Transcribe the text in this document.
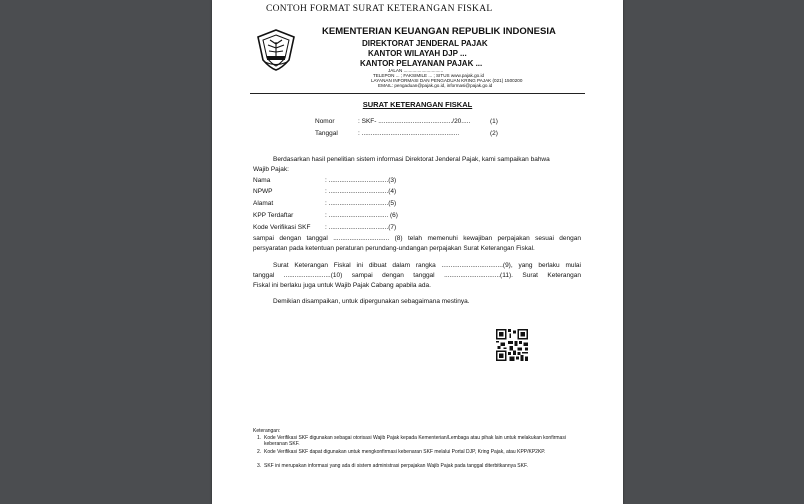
CONTOH FORMAT SURAT KETERANGAN FISKAL
KEMENTERIAN KEUANGAN REPUBLIK INDONESIA
DIREKTORAT JENDERAL PAJAK
KANTOR WILAYAH DJP ...
KANTOR PELAYANAN PAJAK ...
JALAN ...............................
TELEPON ... ; FAKSIMILE ... ; SITUS www.pajak.go.id
LAYANAN INFORMASI DAN PENGADUAN KRING PAJAK (021) 1500200
EMAIL: pengaduan@pajak.go.id, informasi@pajak.go.id
SURAT KETERANGAN FISKAL
Nomor	: SKF- ........................................./20.....	(1)
Tanggal	: ......................................................	(2)
Berdasarkan hasil penelitian sistem informasi Direktorat Jenderal Pajak, kami sampaikan bahwa
Wajib Pajak:
Nama	: .................................(3)
NPWP	: .................................(4)
Alamat	: .................................(5)
KPP Terdaftar	: ................................. (6)
Kode Verifikasi SKF : .................................(7)
sampai dengan tanggal ............................... (8) telah memenuhi kewajiban perpajakan sesuai dengan
persyaratan pada ketentuan peraturan perundang-undangan perpajakan Surat Keterangan Fiskal.
Surat Keterangan Fiskal ini dibuat dalam rangka ..................................(9), yang berlaku mulai
tanggal ..........................(10) sampai dengan tanggal ...............................(11). Surat Keterangan
Fiskal ini berlaku juga untuk Wajib Pajak Cabang apabila ada.
Demikian disampaikan, untuk dipergunakan sebagaimana mestinya.
Keterangan:
1. Kode Verifikasi SKF digunakan sebagai otorisasi Wajib Pajak kepada Kementerian/Lembaga atau pihak lain untuk melakukan konfirmasi keberanan SKF.
2. Kode Verifikasi SKF dapat digunakan untuk mengkonfirmasi kebenaran SKF melalui Portal DJP, Kring Pajak, atau KPP/KP2KP.
3. SKF ini merupakan informasi yang ada di sistem administrasi perpajakan Wajib Pajak pada tanggal diterbitkannya SKF.
